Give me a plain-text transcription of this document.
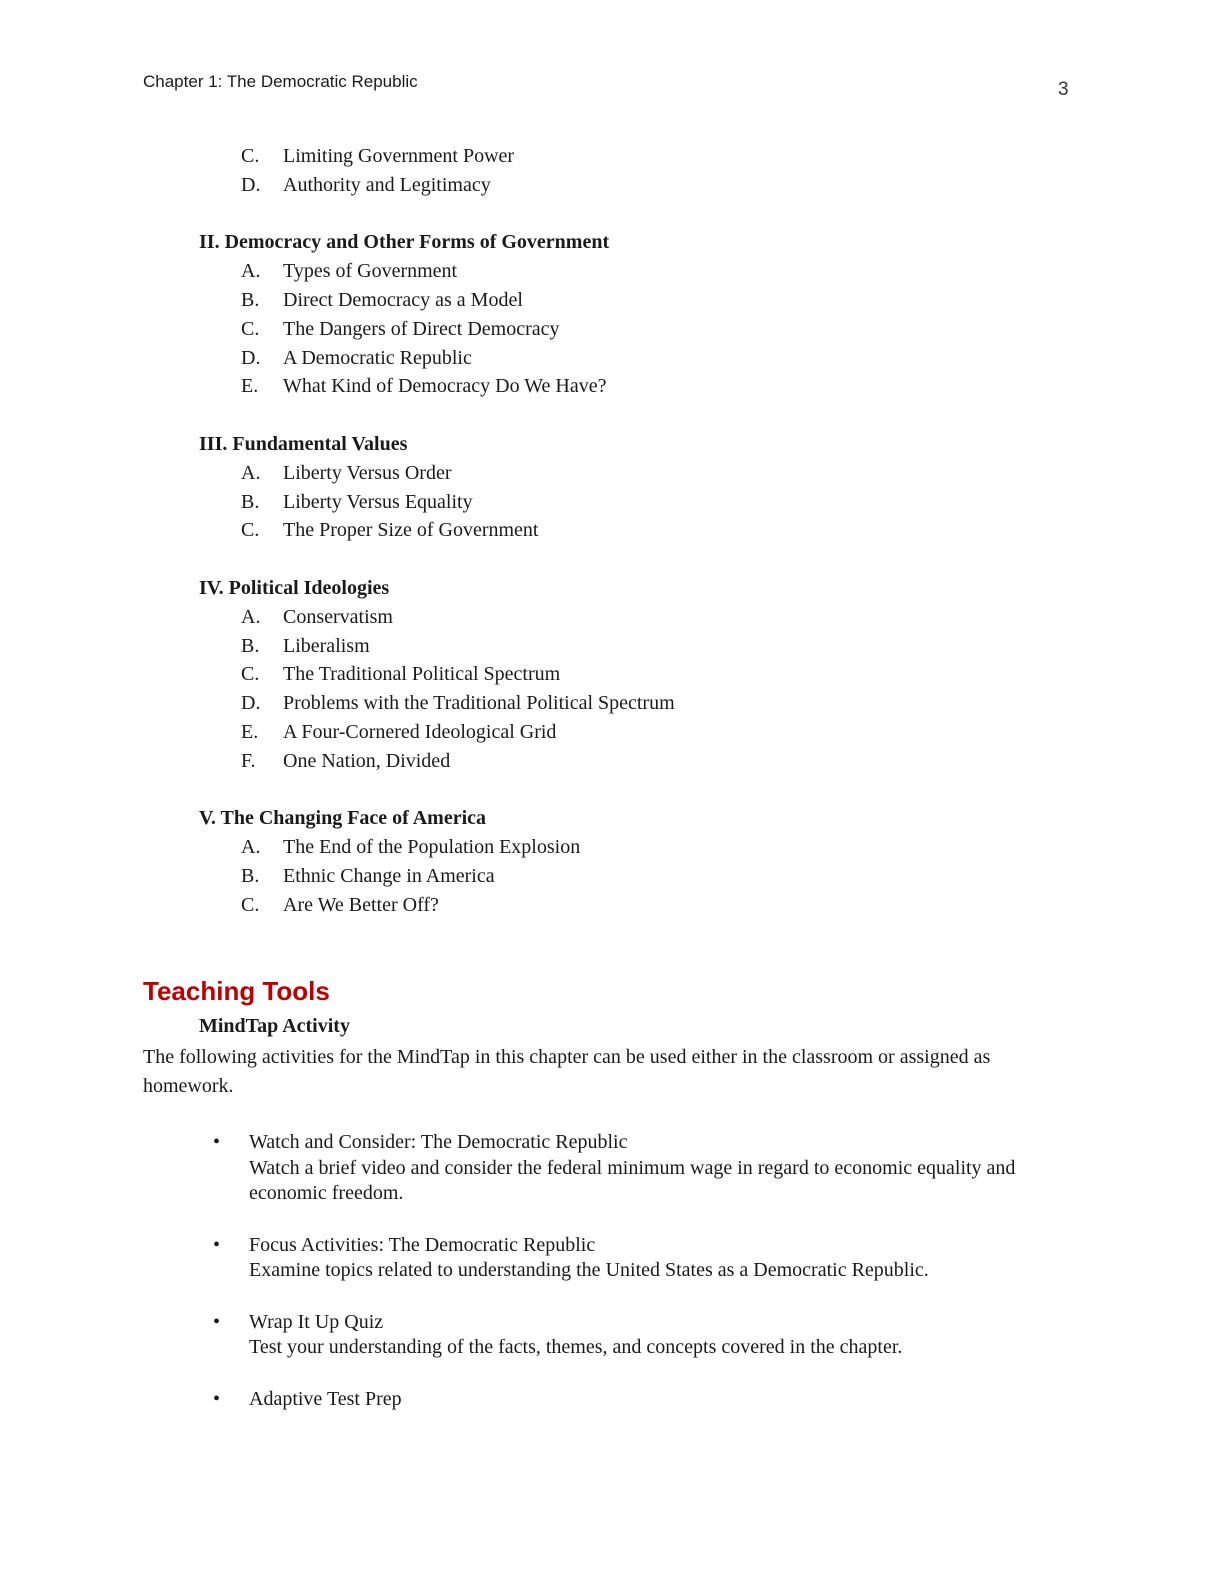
Chapter 1: The Democratic Republic	3
C. Limiting Government Power
D. Authority and Legitimacy
II. Democracy and Other Forms of Government
A. Types of Government
B. Direct Democracy as a Model
C. The Dangers of Direct Democracy
D. A Democratic Republic
E. What Kind of Democracy Do We Have?
III. Fundamental Values
A. Liberty Versus Order
B. Liberty Versus Equality
C. The Proper Size of Government
IV. Political Ideologies
A. Conservatism
B. Liberalism
C. The Traditional Political Spectrum
D. Problems with the Traditional Political Spectrum
E. A Four-Cornered Ideological Grid
F. One Nation, Divided
V. The Changing Face of America
A. The End of the Population Explosion
B. Ethnic Change in America
C. Are We Better Off?
Teaching Tools
MindTap Activity
The following activities for the MindTap in this chapter can be used either in the classroom or assigned as homework.
• Watch and Consider: The Democratic Republic
Watch a brief video and consider the federal minimum wage in regard to economic equality and economic freedom.
• Focus Activities: The Democratic Republic
Examine topics related to understanding the United States as a Democratic Republic.
• Wrap It Up Quiz
Test your understanding of the facts, themes, and concepts covered in the chapter.
• Adaptive Test Prep
